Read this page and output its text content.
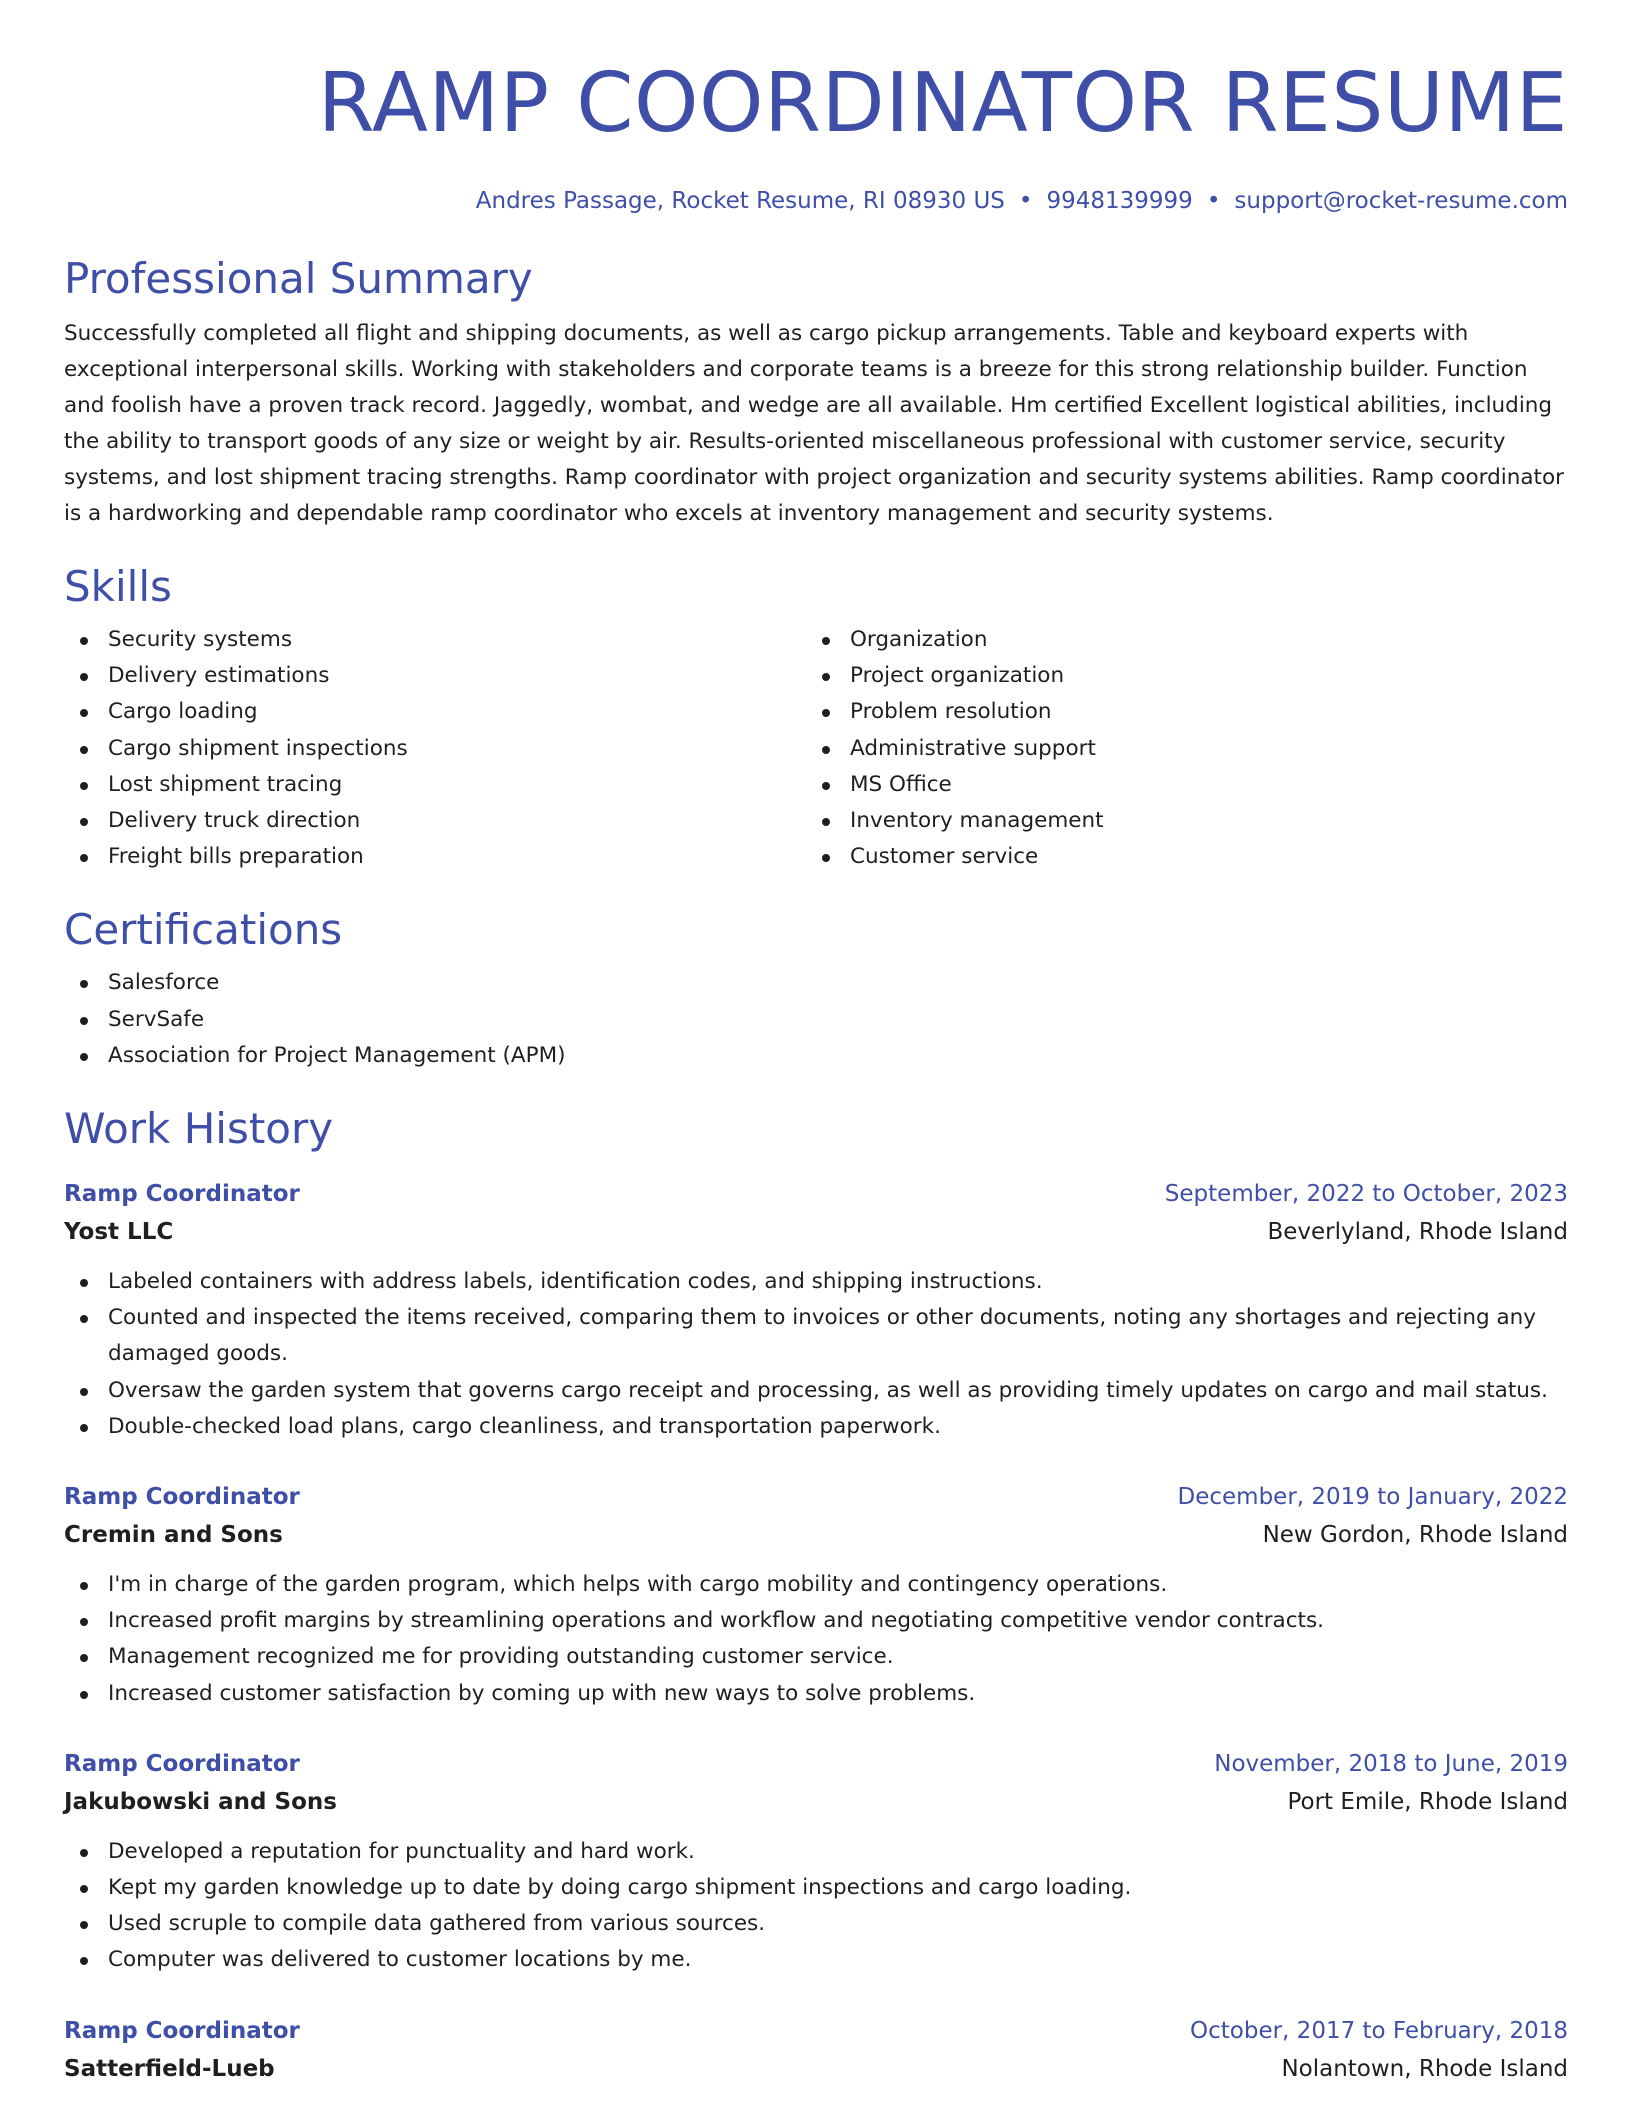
RAMP COORDINATOR RESUME
Andres Passage, Rocket Resume, RI 08930 US • 9948139999 • support@rocket-resume.com
Professional Summary

Successfully completed all flight and shipping documents, as well as cargo pickup arrangements. Table and keyboard experts with exceptional interpersonal skills. Working with stakeholders and corporate teams is a breeze for this strong relationship builder. Function and foolish have a proven track record. Jaggedly, wombat, and wedge are all available. Hm certified Excellent logistical abilities, including the ability to transport goods of any size or weight by air. Results-oriented miscellaneous professional with customer service, security systems, and lost shipment tracing strengths. Ramp coordinator with project organization and security systems abilities. Ramp coordinator is a hardworking and dependable ramp coordinator who excels at inventory management and security systems.

Skills
Security systems
Delivery estimations
Cargo loading
Cargo shipment inspections
Lost shipment tracing
Delivery truck direction
Freight bills preparation
Organization
Project organization
Problem resolution
Administrative support
MS Office
Inventory management
Customer service
Certifications
Salesforce
ServSafe
Association for Project Management (APM)
Work History
Ramp Coordinator	September, 2022 to October, 2023
Yost LLC	Beverlyland, Rhode Island
Labeled containers with address labels, identification codes, and shipping instructions.
Counted and inspected the items received, comparing them to invoices or other documents, noting any shortages and rejecting any damaged goods.
Oversaw the garden system that governs cargo receipt and processing, as well as providing timely updates on cargo and mail status.
Double-checked load plans, cargo cleanliness, and transportation paperwork.
Ramp Coordinator	December, 2019 to January, 2022
Cremin and Sons	New Gordon, Rhode Island
I'm in charge of the garden program, which helps with cargo mobility and contingency operations.
Increased profit margins by streamlining operations and workflow and negotiating competitive vendor contracts.
Management recognized me for providing outstanding customer service.
Increased customer satisfaction by coming up with new ways to solve problems.
Ramp Coordinator	November, 2018 to June, 2019
Jakubowski and Sons	Port Emile, Rhode Island
Developed a reputation for punctuality and hard work.
Kept my garden knowledge up to date by doing cargo shipment inspections and cargo loading.
Used scruple to compile data gathered from various sources.
Computer was delivered to customer locations by me.
Ramp Coordinator	October, 2017 to February, 2018
Satterfield-Lueb	Nolantown, Rhode Island
